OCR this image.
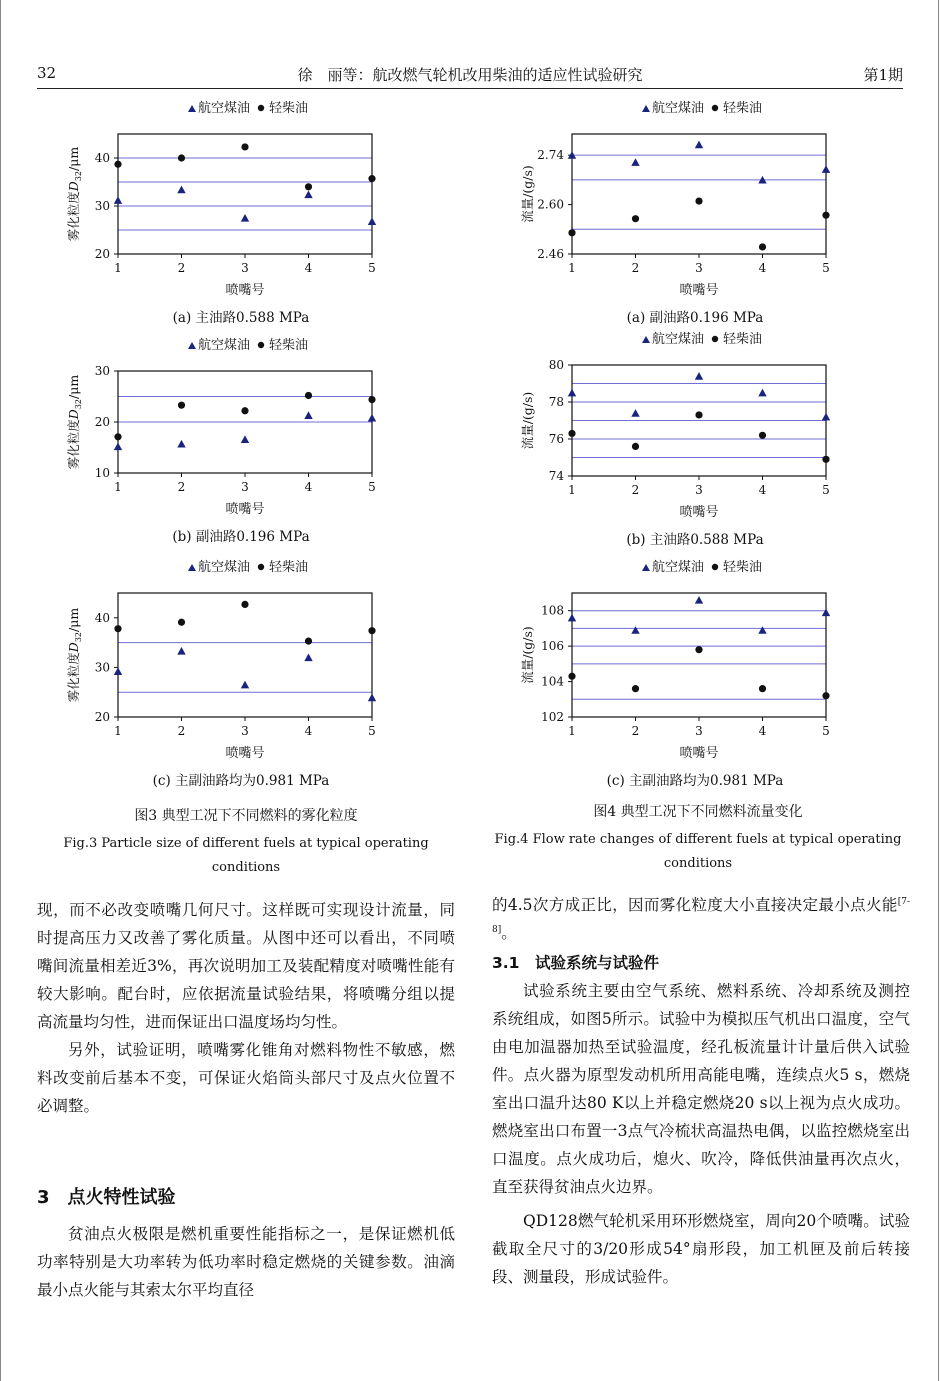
32	徐　丽等：航改燃气轮机改用柴油的适应性试验研究	第1期
航空煤油 轻柴油
20
30
40
1	2	3	4	5
喷嘴号
雾化粒度$D_{32}/\mu m$
(a) 主油路0.588 MPa
航空煤油 轻柴油
10
20
30
1	2	3	4	5
喷嘴号
雾化粒度$D_{32}/\mu m$
(b) 副油路0.196 MPa
航空煤油 轻柴油
20
30
40
1	2	3	4	5
喷嘴号
雾化粒度$D_{32}/\mu m$
(c) 主副油路均为0.981 MPa
航空煤油 轻柴油
2.46
2.60
2.74
1	2	3	4	5
喷嘴号
流量/(g/s)
(a) 副油路0.196 MPa
航空煤油 轻柴油
74
76
78
80
1	2	3	4	5
喷嘴号
流量/(g/s)
(b) 主油路0.588 MPa
航空煤油 轻柴油
102
104
106
108
1	2	3	4	5
喷嘴号
流量/(g/s)
(c) 主副油路均为0.981 MPa
图3 典型工况下不同燃料的雾化粒度
Fig.3 Particle size of different fuels at typical operating
conditions
图4 典型工况下不同燃料流量变化
Fig.4 Flow rate changes of different fuels at typical operating
conditions

现，而不必改变喷嘴几何尺寸。这样既可实现设计流量，同时提高压力又改善了雾化质量。从图中还可以看出，不同喷嘴间流量相差近3%，再次说明加工及装配精度对喷嘴性能有较大影响。配台时，应依据流量试验结果，将喷嘴分组以提高流量均匀性，进而保证出口温度场均匀性。

另外，试验证明，喷嘴雾化锥角对燃料物性不敏感，燃料改变前后基本不变，可保证火焰筒头部尺寸及点火位置不必调整。

3　点火特性试验

贫油点火极限是燃机重要性能指标之一，是保证燃机低功率特别是大功率转为低功率时稳定燃烧的关键参数。油滴最小点火能与其索太尔平均直径

的4.5次方成正比，因而雾化粒度大小直接决定最小点火能[7-8]。

3.1　试验系统与试验件

试验系统主要由空气系统、燃料系统、冷却系统及测控系统组成，如图5所示。试验中为模拟压气机出口温度，空气由电加温器加热至试验温度，经孔板流量计计量后供入试验件。点火器为原型发动机所用高能电嘴，连续点火5 s，燃烧室出口温升达80 K以上并稳定燃烧20 s以上视为点火成功。燃烧室出口布置一3点气冷梳状高温热电偶，以监控燃烧室出口温度。点火成功后，熄火、吹冷，降低供油量再次点火，直至获得贫油点火边界。

QD128燃气轮机采用环形燃烧室，周向20个喷嘴。试验截取全尺寸的3/20形成54°扇形段，加工机匣及前后转接段、测量段，形成试验件。
